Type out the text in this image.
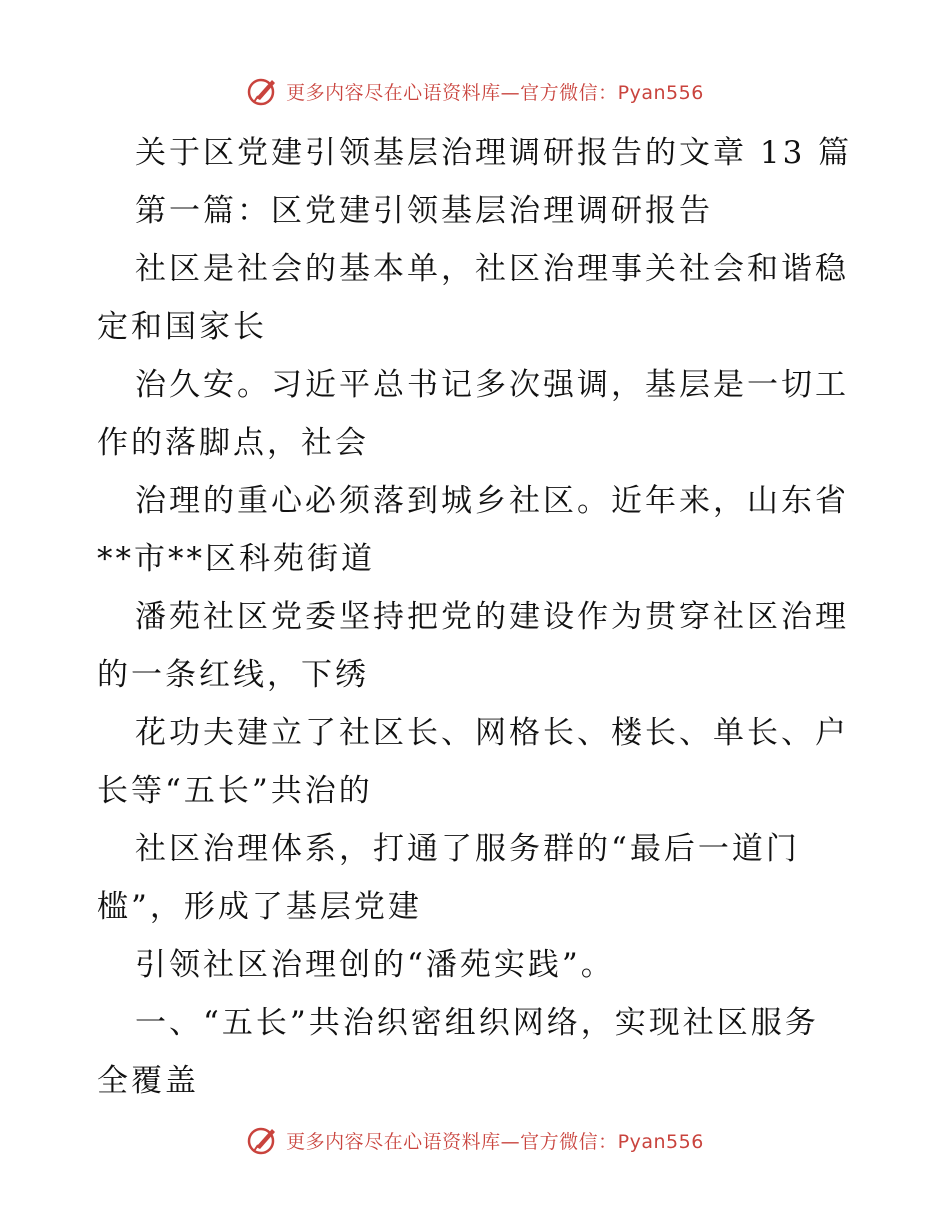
更多内容尽在心语资料库—官方微信：Pyan556
关于区党建引领基层治理调研报告的文章 13 篇
第一篇：区党建引领基层治理调研报告
社区是社会的基本单，社区治理事关社会和谐稳
定和国家长
治久安。习近平总书记多次强调，基层是一切工
作的落脚点，社会
治理的重心必须落到城乡社区。近年来，山东省
**市**区科苑街道
潘苑社区党委坚持把党的建设作为贯穿社区治理
的一条红线，下绣
花功夫建立了社区长、网格长、楼长、单长、户
长等“五长”共治的
社区治理体系，打通了服务群的“最后一道门
槛”，形成了基层党建
引领社区治理创的“潘苑实践”。
一、“五长”共治织密组织网络，实现社区服务
全覆盖
更多内容尽在心语资料库—官方微信：Pyan556
